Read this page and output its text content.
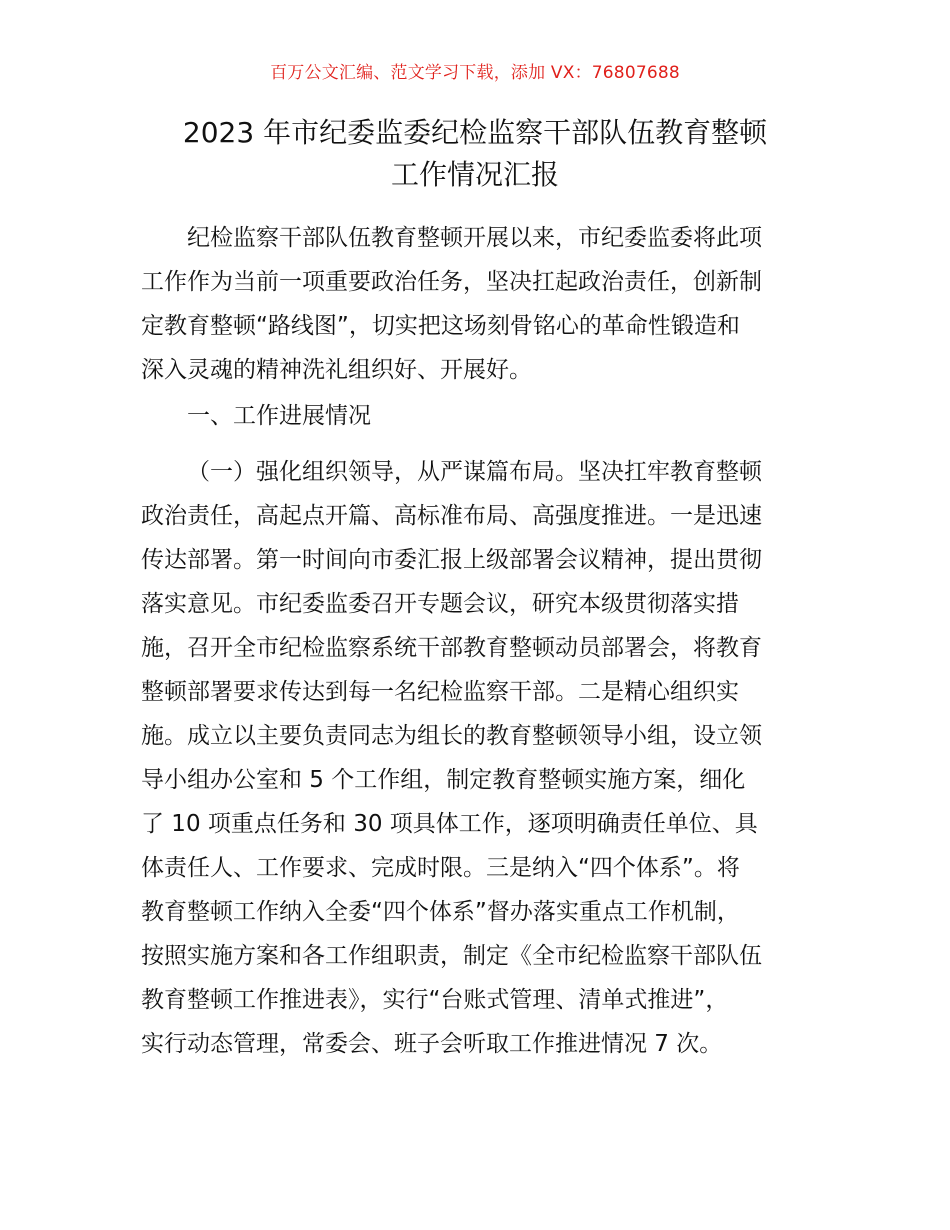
百万公文汇编、范文学习下载，添加 VX：76807688
2023 年市纪委监委纪检监察干部队伍教育整顿
工作情况汇报
纪检监察干部队伍教育整顿开展以来，市纪委监委将此项
工作作为当前一项重要政治任务，坚决扛起政治责任，创新制
定教育整顿“路线图”，切实把这场刻骨铭心的革命性锻造和
深入灵魂的精神洗礼组织好、开展好。
一、工作进展情况
（一）强化组织领导，从严谋篇布局。坚决扛牢教育整顿
政治责任，高起点开篇、高标准布局、高强度推进。一是迅速
传达部署。第一时间向市委汇报上级部署会议精神，提出贯彻
落实意见。市纪委监委召开专题会议，研究本级贯彻落实措
施，召开全市纪检监察系统干部教育整顿动员部署会，将教育
整顿部署要求传达到每一名纪检监察干部。二是精心组织实
施。成立以主要负责同志为组长的教育整顿领导小组，设立领
导小组办公室和 5 个工作组，制定教育整顿实施方案，细化
了 10 项重点任务和 30 项具体工作，逐项明确责任单位、具
体责任人、工作要求、完成时限。三是纳入“四个体系”。将
教育整顿工作纳入全委“四个体系”督办落实重点工作机制，
按照实施方案和各工作组职责，制定《全市纪检监察干部队伍
教育整顿工作推进表》，实行“台账式管理、清单式推进”，
实行动态管理，常委会、班子会听取工作推进情况 7 次。
